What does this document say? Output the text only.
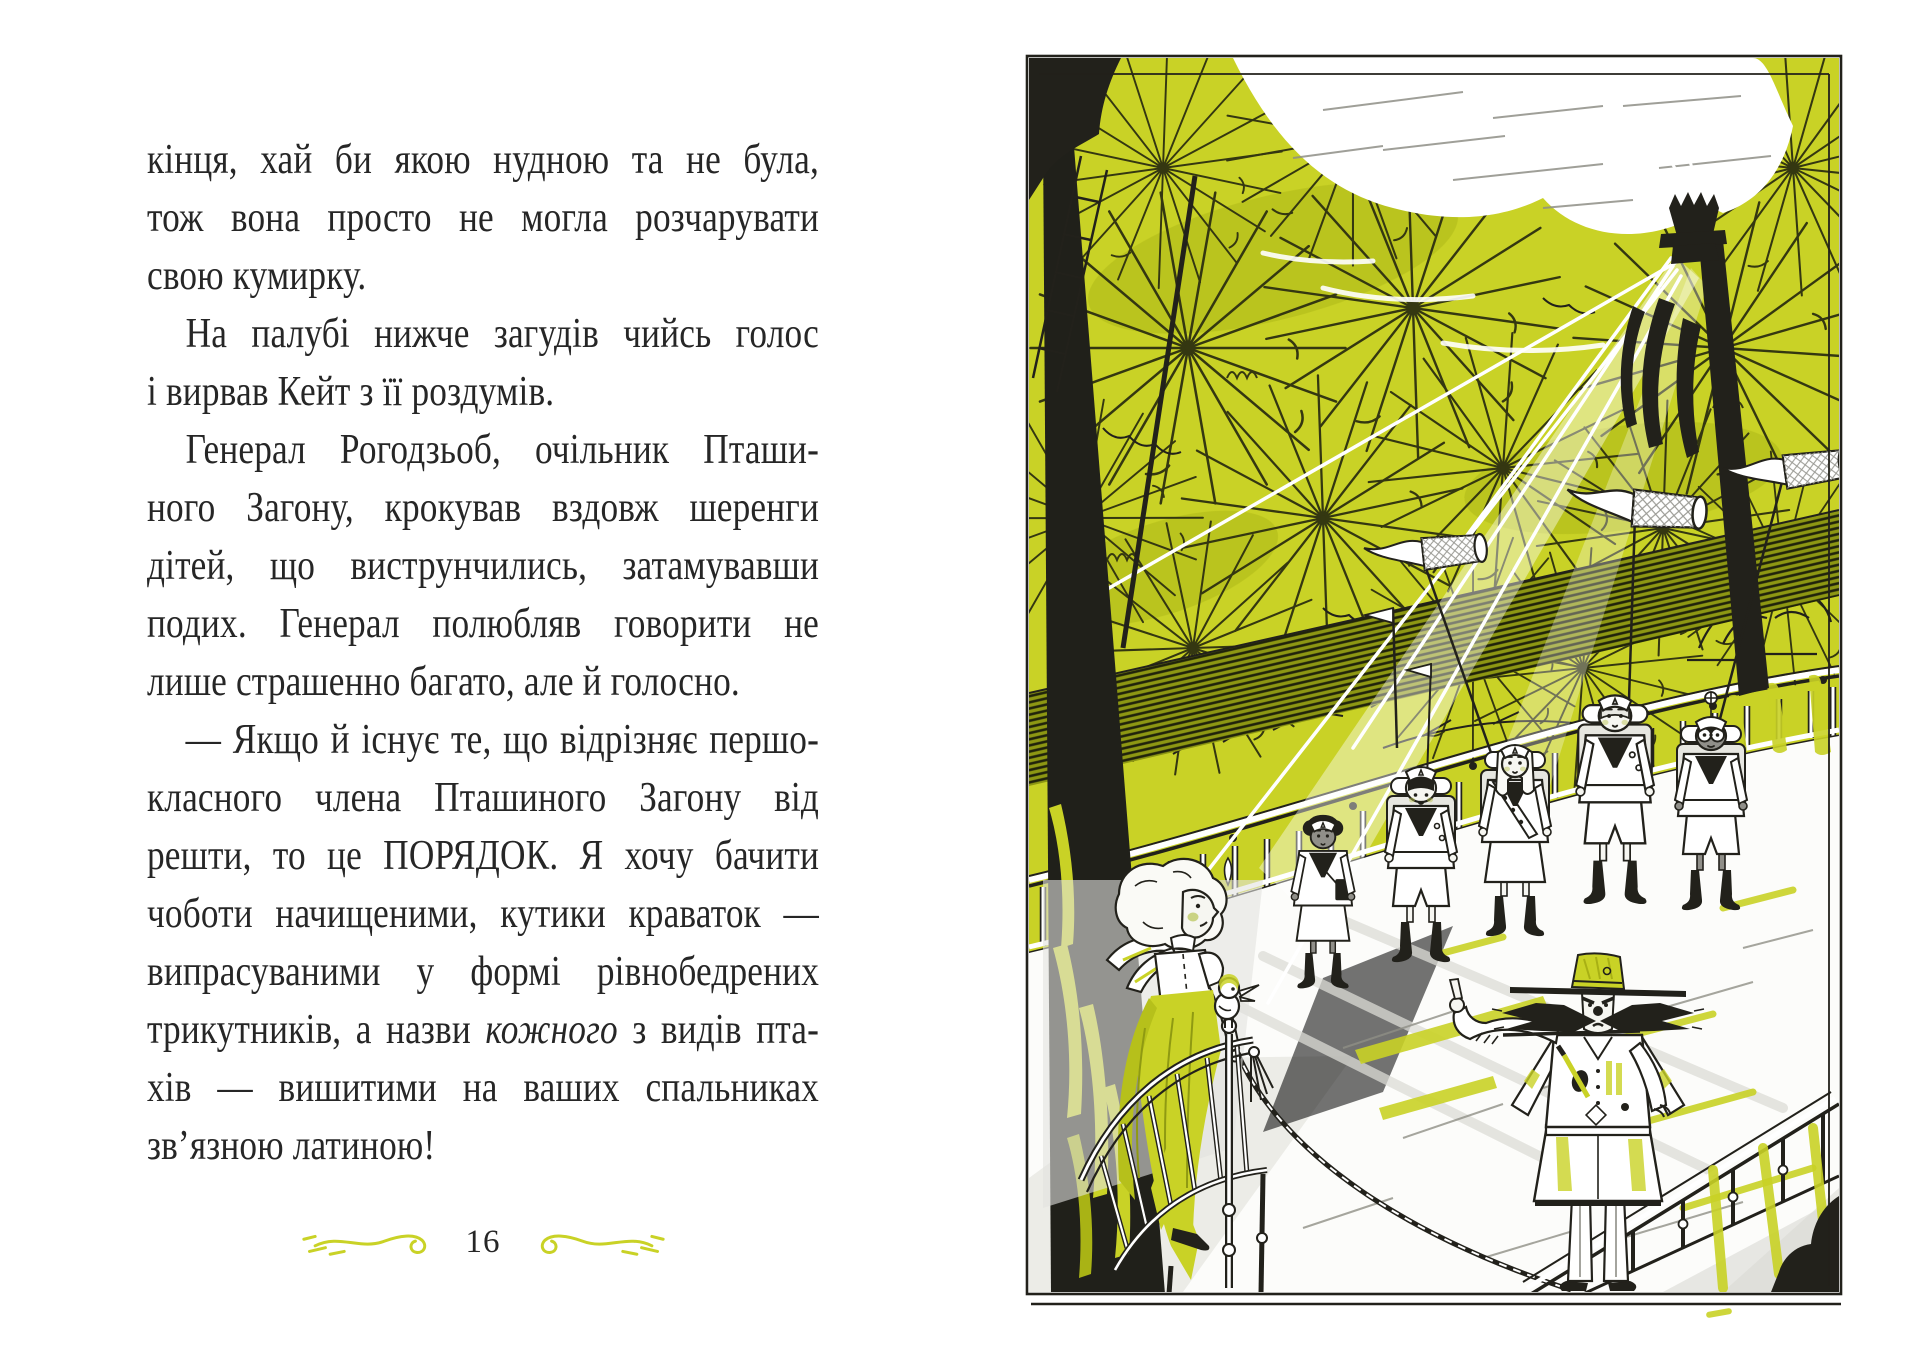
кінця, хай би якою нудною та не була,

тож вона просто не могла розчарувати

свою кумирку.

На палубі нижче загудів чийсь голос

і вирвав Кейт з її роздумів.

Генерал Рогодзьоб, очільник Пташи-

ного Загону, крокував вздовж шеренги

дітей, що виструнчились, затамувавши

подих. Генерал полюбляв говорити не

лише страшенно багато, але й голосно.

— Якщо й існує те, що відрізняє першо-

класного члена Пташиного Загону від

решти, то це ПОРЯДОК. Я хочу бачити

чоботи начищеними, кутики краваток —

випрасуваними у формі рівнобедрених

трикутників, а назви кожного з видів пта-

хів — вишитими на ваших спальниках

зв’язною латиною!

16
